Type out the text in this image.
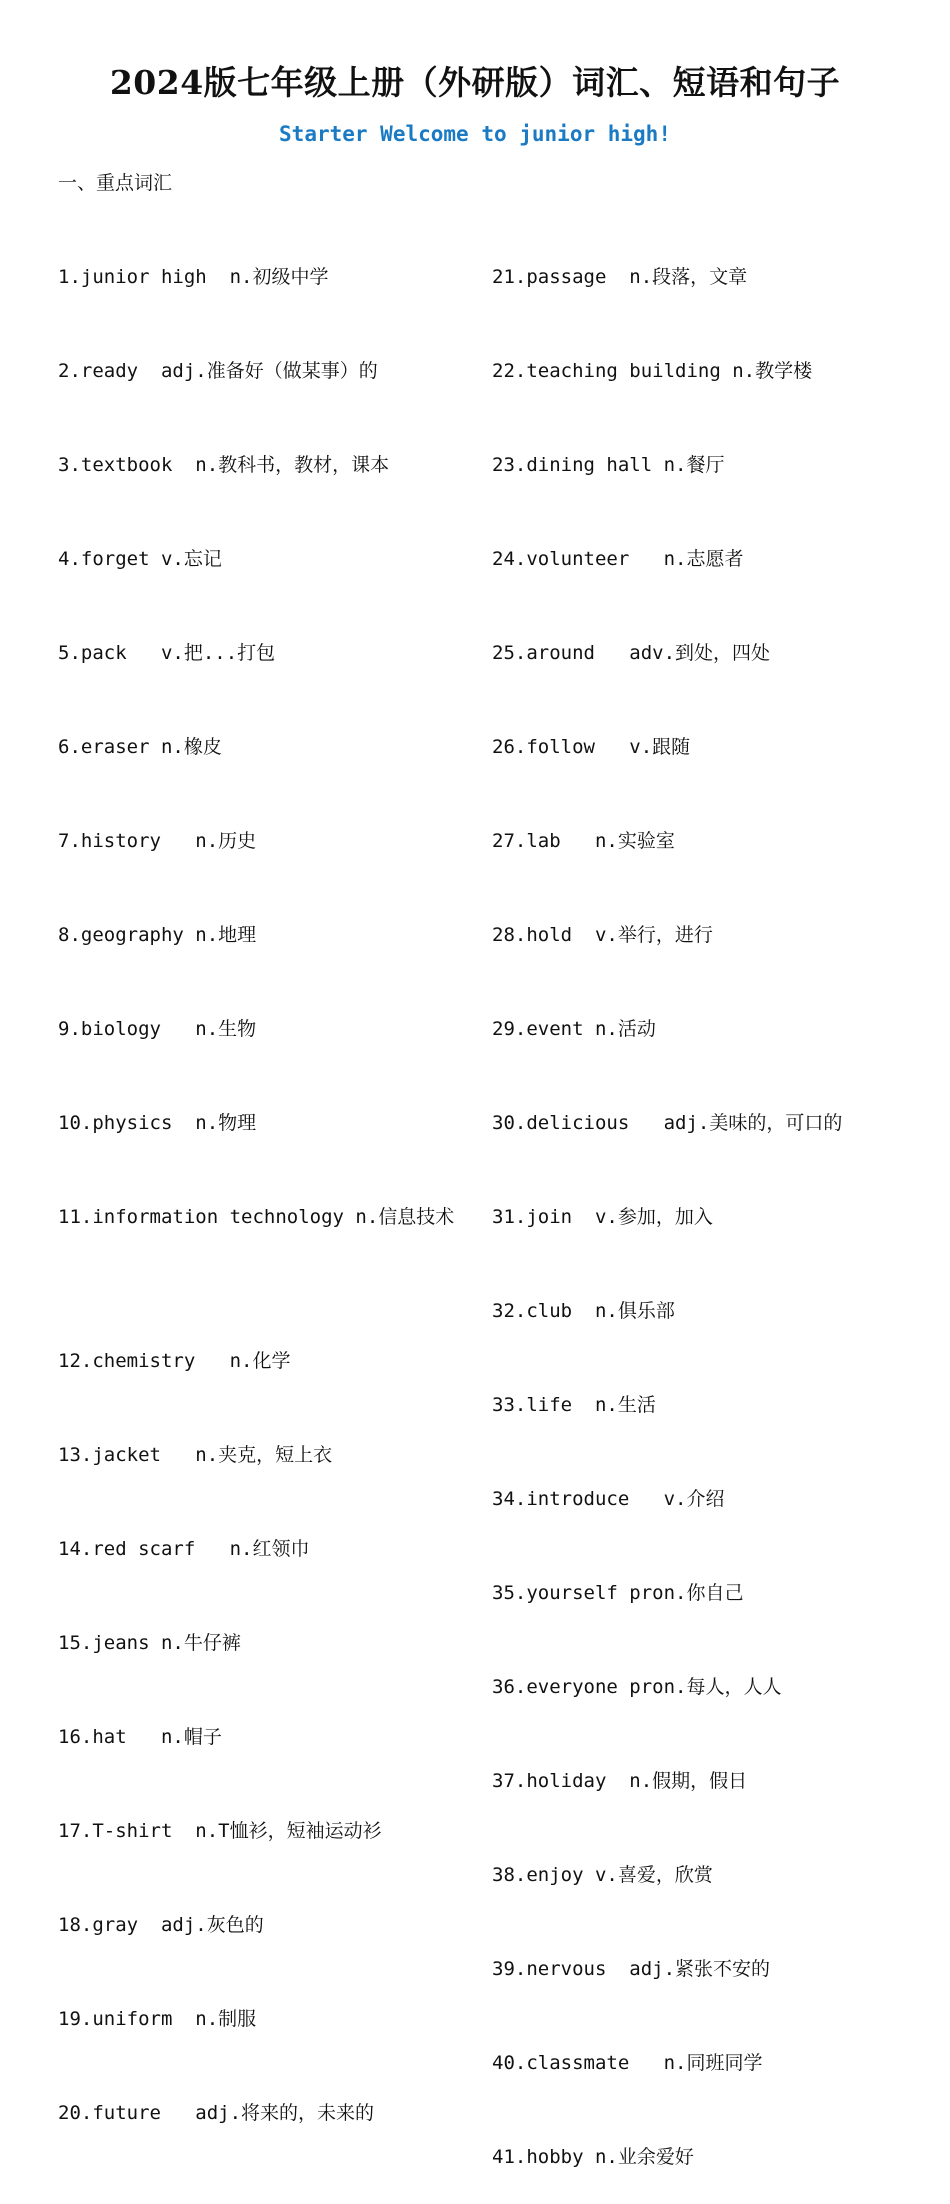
2024版七年级上册（外研版）词汇、短语和句子
Starter Welcome to junior high!
一、重点词汇

1.junior high  n.初级中学

2.ready  adj.准备好（做某事）的

3.textbook  n.教科书，教材，课本

4.forget v.忘记

5.pack   v.把...打包

6.eraser n.橡皮

7.history   n.历史

8.geography n.地理

9.biology   n.生物

10.physics  n.物理

11.information technology n.信息技术

12.chemistry   n.化学

13.jacket   n.夹克，短上衣

14.red scarf   n.红领巾

15.jeans n.牛仔裤

16.hat   n.帽子

17.T-shirt  n.T恤衫，短袖运动衫

18.gray  adj.灰色的

19.uniform  n.制服

20.future   adj.将来的，未来的

21.passage  n.段落，文章

22.teaching building n.教学楼

23.dining hall n.餐厅

24.volunteer   n.志愿者

25.around   adv.到处，四处

26.follow   v.跟随

27.lab   n.实验室

28.hold  v.举行，进行

29.event n.活动

30.delicious   adj.美味的，可口的

31.join  v.参加，加入

32.club  n.俱乐部

33.life  n.生活

34.introduce   v.介绍

35.yourself pron.你自己

36.everyone pron.每人，人人

37.holiday  n.假期，假日

38.enjoy v.喜爱，欣赏

39.nervous  adj.紧张不安的

40.classmate   n.同班同学

41.hobby n.业余爱好
